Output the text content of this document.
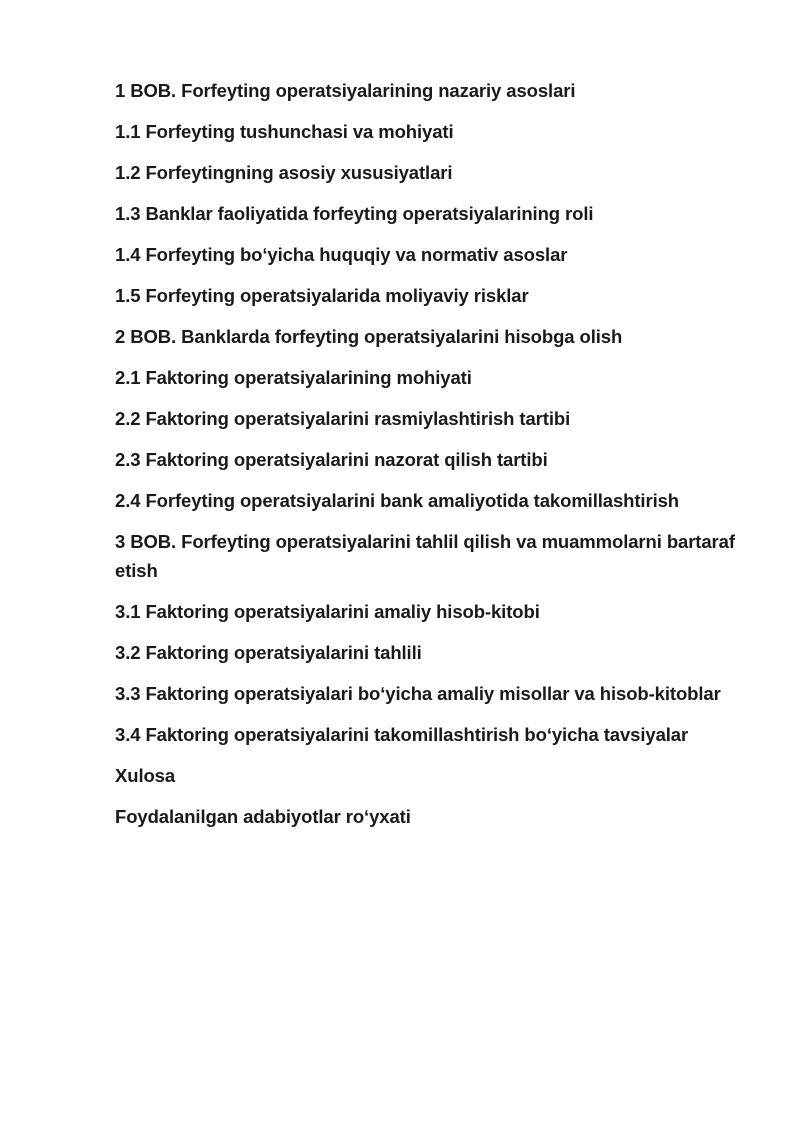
1 BOB. Forfeyting operatsiyalarining nazariy asoslari
1.1 Forfeyting tushunchasi va mohiyati
1.2 Forfeytingning asosiy xususiyatlari
1.3 Banklar faoliyatida forfeyting operatsiyalarining roli
1.4 Forfeyting boʻyicha huquqiy va normativ asoslar
1.5 Forfeyting operatsiyalarida moliyaviy risklar
2 BOB. Banklarda forfeyting operatsiyalarini hisobga olish
2.1 Faktoring operatsiyalarining mohiyati
2.2 Faktoring operatsiyalarini rasmiylashtirish tartibi
2.3 Faktoring operatsiyalarini nazorat qilish tartibi
2.4 Forfeyting operatsiyalarini bank amaliyotida takomillashtirish
3 BOB. Forfeyting operatsiyalarini tahlil qilish va muammolarni bartaraf etish
3.1 Faktoring operatsiyalarini amaliy hisob-kitobi
3.2 Faktoring operatsiyalarini tahlili
3.3 Faktoring operatsiyalari boʻyicha amaliy misollar va hisob-kitoblar
3.4 Faktoring operatsiyalarini takomillashtirish boʻyicha tavsiyalar
Xulosa
Foydalanilgan adabiyotlar roʻyxati
